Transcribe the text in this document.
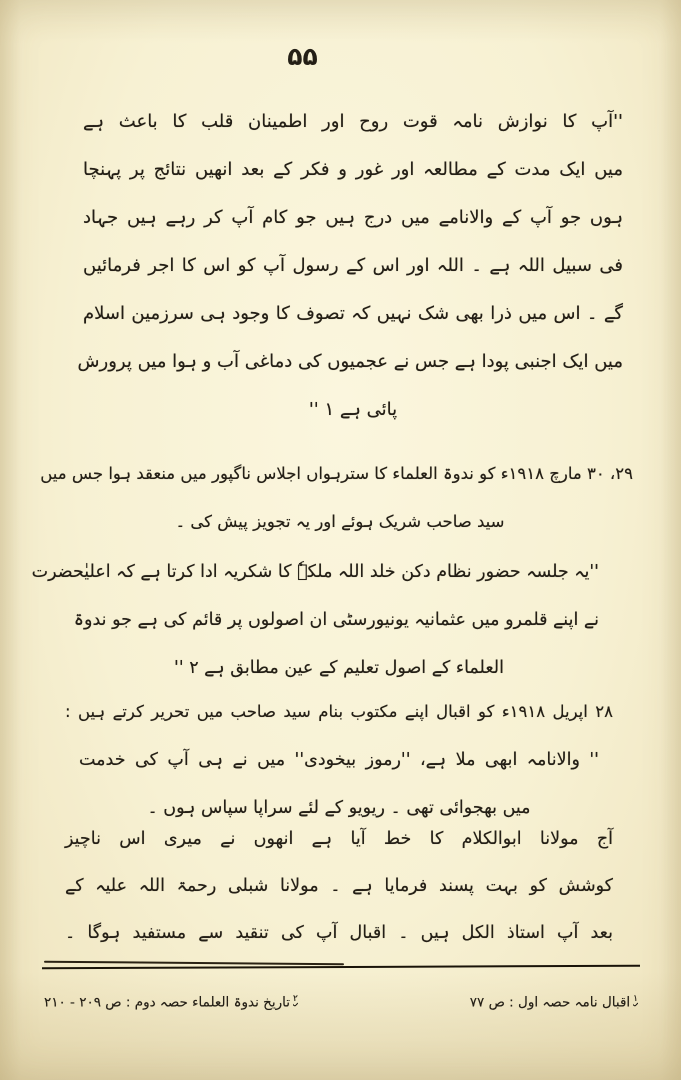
۵۵
''آپ کا نوازش نامہ قوت روح اور اطمینان قلب کا باعث ہے
میں ایک مدت کے مطالعہ اور غور و فکر کے بعد انھیں نتائج پر پہنچا
ہوں جو آپ کے والانامے میں درج ہیں جو کام آپ کر رہے ہیں جہاد
فی سبیل اللہ ہے ۔ اللہ اور اس کے رسول آپ کو اس کا اجر فرمائیں
گے ۔ اس میں ذرا بھی شک نہیں کہ تصوف کا وجود ہی سرزمین اسلام
میں ایک اجنبی پودا ہے جس نے عجمیوں کی دماغی آب و ہوا میں پرورش
پائی ہے ۱ ''
۲۹، ۳۰ مارچ ۱۹۱۸ء کو ندوۃ العلماء کا سترہواں اجلاس ناگپور میں منعقد ہوا جس میں
سید صاحب شریک ہوئے اور یہ تجویز پیش کی ۔
''یہ جلسہ حضور نظام دکن خلد اللہ ملکہٗ کا شکریہ ادا کرتا ہے کہ اعلیٰحضرت
نے اپنے قلمرو میں عثمانیہ یونیورسٹی ان اصولوں پر قائم کی ہے جو ندوۃ
العلماء کے اصول تعلیم کے عین مطابق ہے ۲ ''
۲۸ اپریل ۱۹۱۸ء کو اقبال اپنے مکتوب بنام سید صاحب میں تحریر کرتے ہیں :
'' والانامہ ابھی ملا ہے، ''رموز بیخودی'' میں نے ہی آپ کی خدمت
میں بھجوائی تھی ۔ ریویو کے لئے سراپا سپاس ہوں ۔
آج مولانا ابوالکلام کا خط آیا ہے انھوں نے میری اس ناچیز
کوشش کو بہت پسند فرمایا ہے ۔ مولانا شبلی رحمۃ اللہ علیہ کے
بعد آپ استاذ الکل ہیں ۔ اقبال آپ کی تنقید سے مستفید ہوگا ۔
$^۱$اقبال نامہ حصہ اول : ص ۷۷
$^۲$تاریخ ندوۃ العلماء حصہ دوم : ص ۲۰۹ - ۲۱۰
